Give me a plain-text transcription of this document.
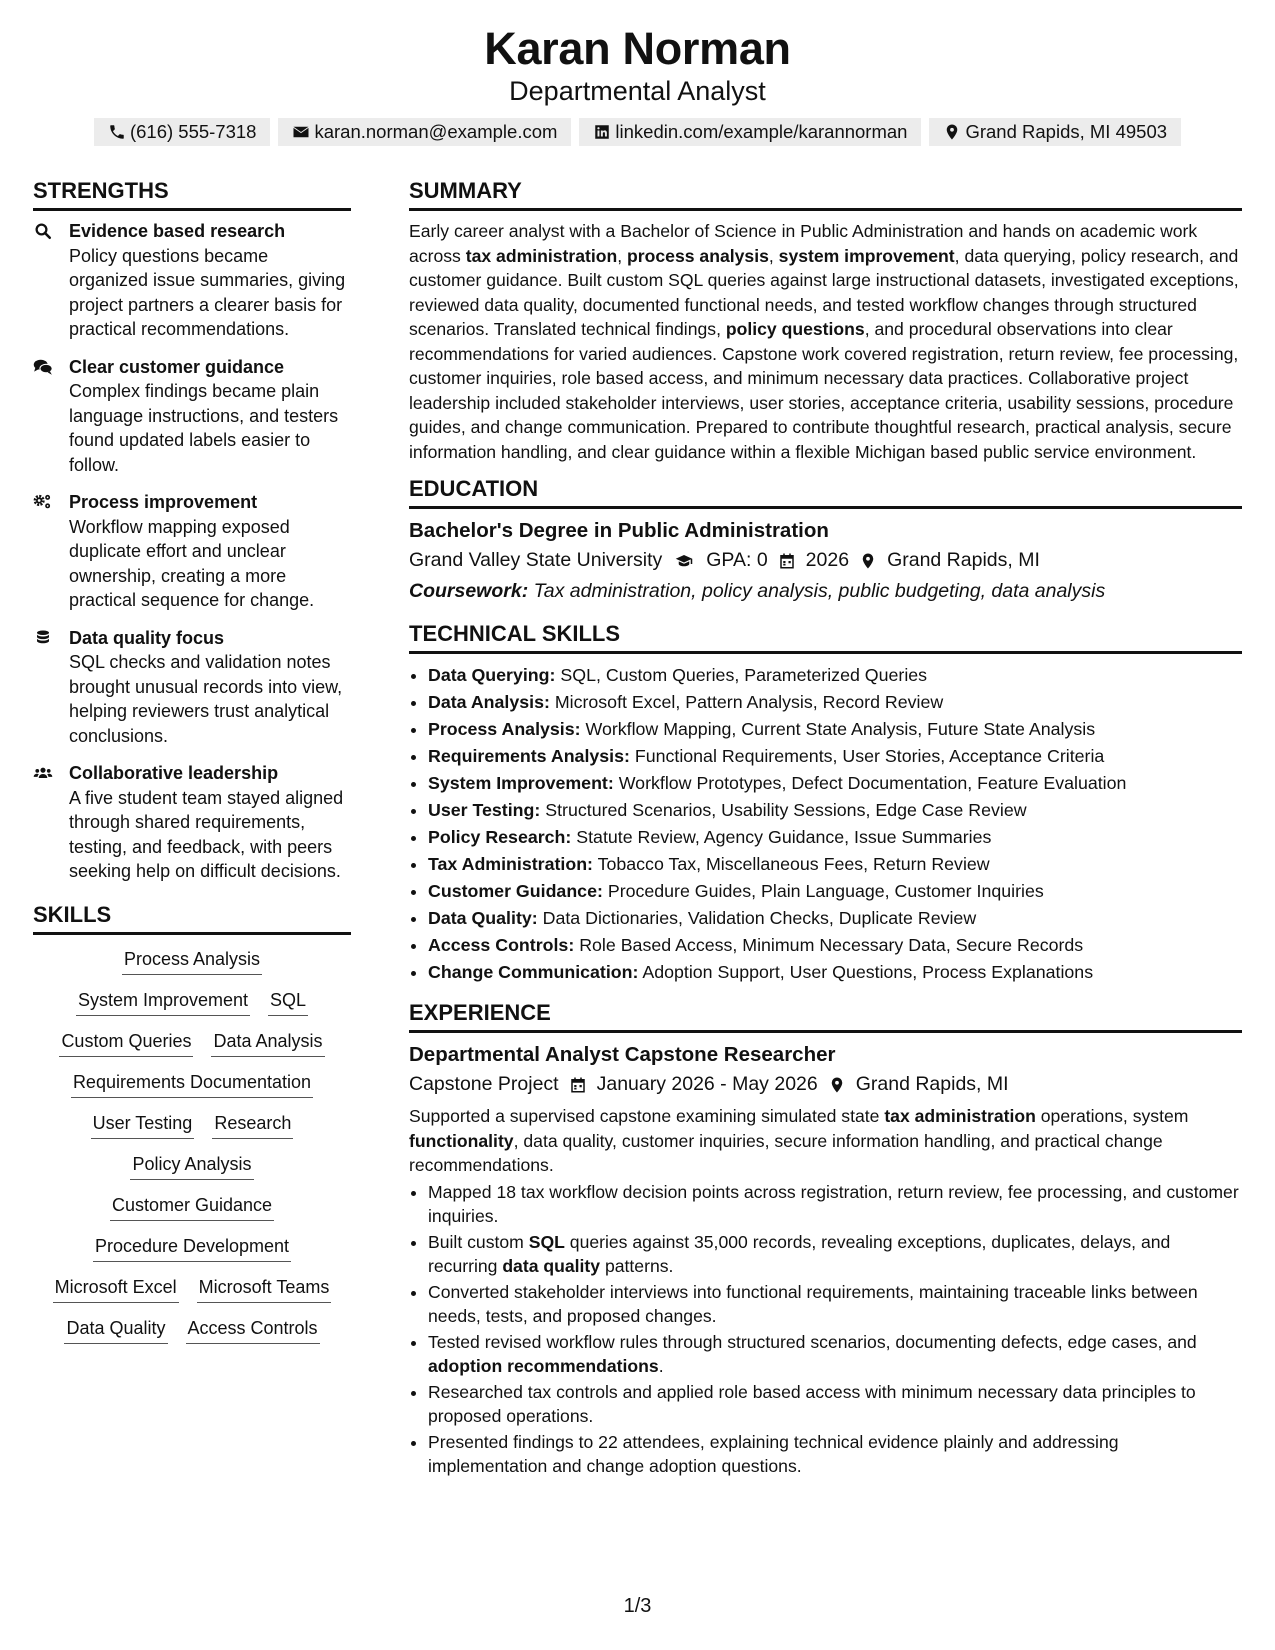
Karan Norman
Departmental Analyst
(616) 555-7318	karan.norman@example.com	linkedin.com/example/karannorman	Grand Rapids, MI 49503
STRENGTHS
Evidence based research
Policy questions became organized issue summaries, giving project partners a clearer basis for practical recommendations.
Clear customer guidance
Complex findings became plain language instructions, and testers found updated labels easier to follow.
Process improvement
Workflow mapping exposed duplicate effort and unclear ownership, creating a more practical sequence for change.
Data quality focus
SQL checks and validation notes brought unusual records into view, helping reviewers trust analytical conclusions.
Collaborative leadership
A five student team stayed aligned through shared requirements, testing, and feedback, with peers seeking help on difficult decisions.
SKILLS
Process Analysis
System Improvement SQL
Custom Queries Data Analysis
Requirements Documentation
User Testing Research
Policy Analysis
Customer Guidance
Procedure Development
Microsoft Excel Microsoft Teams
Data Quality Access Controls
SUMMARY
Early career analyst with a Bachelor of Science in Public Administration and hands on academic work across tax administration, process analysis, system improvement, data querying, policy research, and customer guidance. Built custom SQL queries against large instructional datasets, investigated exceptions, reviewed data quality, documented functional needs, and tested workflow changes through structured scenarios. Translated technical findings, policy questions, and procedural observations into clear recommendations for varied audiences. Capstone work covered registration, return review, fee processing, customer inquiries, role based access, and minimum necessary data practices. Collaborative project leadership included stakeholder interviews, user stories, acceptance criteria, usability sessions, procedure guides, and change communication. Prepared to contribute thoughtful research, practical analysis, secure information handling, and clear guidance within a flexible Michigan based public service environment.
EDUCATION
Bachelor's Degree in Public Administration
Grand Valley State University GPA: 0 2026 Grand Rapids, MI
Coursework: Tax administration, policy analysis, public budgeting, data analysis
TECHNICAL SKILLS
• Data Querying: SQL, Custom Queries, Parameterized Queries
• Data Analysis: Microsoft Excel, Pattern Analysis, Record Review
• Process Analysis: Workflow Mapping, Current State Analysis, Future State Analysis
• Requirements Analysis: Functional Requirements, User Stories, Acceptance Criteria
• System Improvement: Workflow Prototypes, Defect Documentation, Feature Evaluation
• User Testing: Structured Scenarios, Usability Sessions, Edge Case Review
• Policy Research: Statute Review, Agency Guidance, Issue Summaries
• Tax Administration: Tobacco Tax, Miscellaneous Fees, Return Review
• Customer Guidance: Procedure Guides, Plain Language, Customer Inquiries
• Data Quality: Data Dictionaries, Validation Checks, Duplicate Review
• Access Controls: Role Based Access, Minimum Necessary Data, Secure Records
• Change Communication: Adoption Support, User Questions, Process Explanations
EXPERIENCE
Departmental Analyst Capstone Researcher
Capstone Project January 2026 - May 2026 Grand Rapids, MI
Supported a supervised capstone examining simulated state tax administration operations, system functionality, data quality, customer inquiries, secure information handling, and practical change recommendations.
• Mapped 18 tax workflow decision points across registration, return review, fee processing, and customer inquiries.
• Built custom SQL queries against 35,000 records, revealing exceptions, duplicates, delays, and recurring data quality patterns.
• Converted stakeholder interviews into functional requirements, maintaining traceable links between needs, tests, and proposed changes.
• Tested revised workflow rules through structured scenarios, documenting defects, edge cases, and adoption recommendations.
• Researched tax controls and applied role based access with minimum necessary data principles to proposed operations.
• Presented findings to 22 attendees, explaining technical evidence plainly and addressing implementation and change adoption questions.
1/3
